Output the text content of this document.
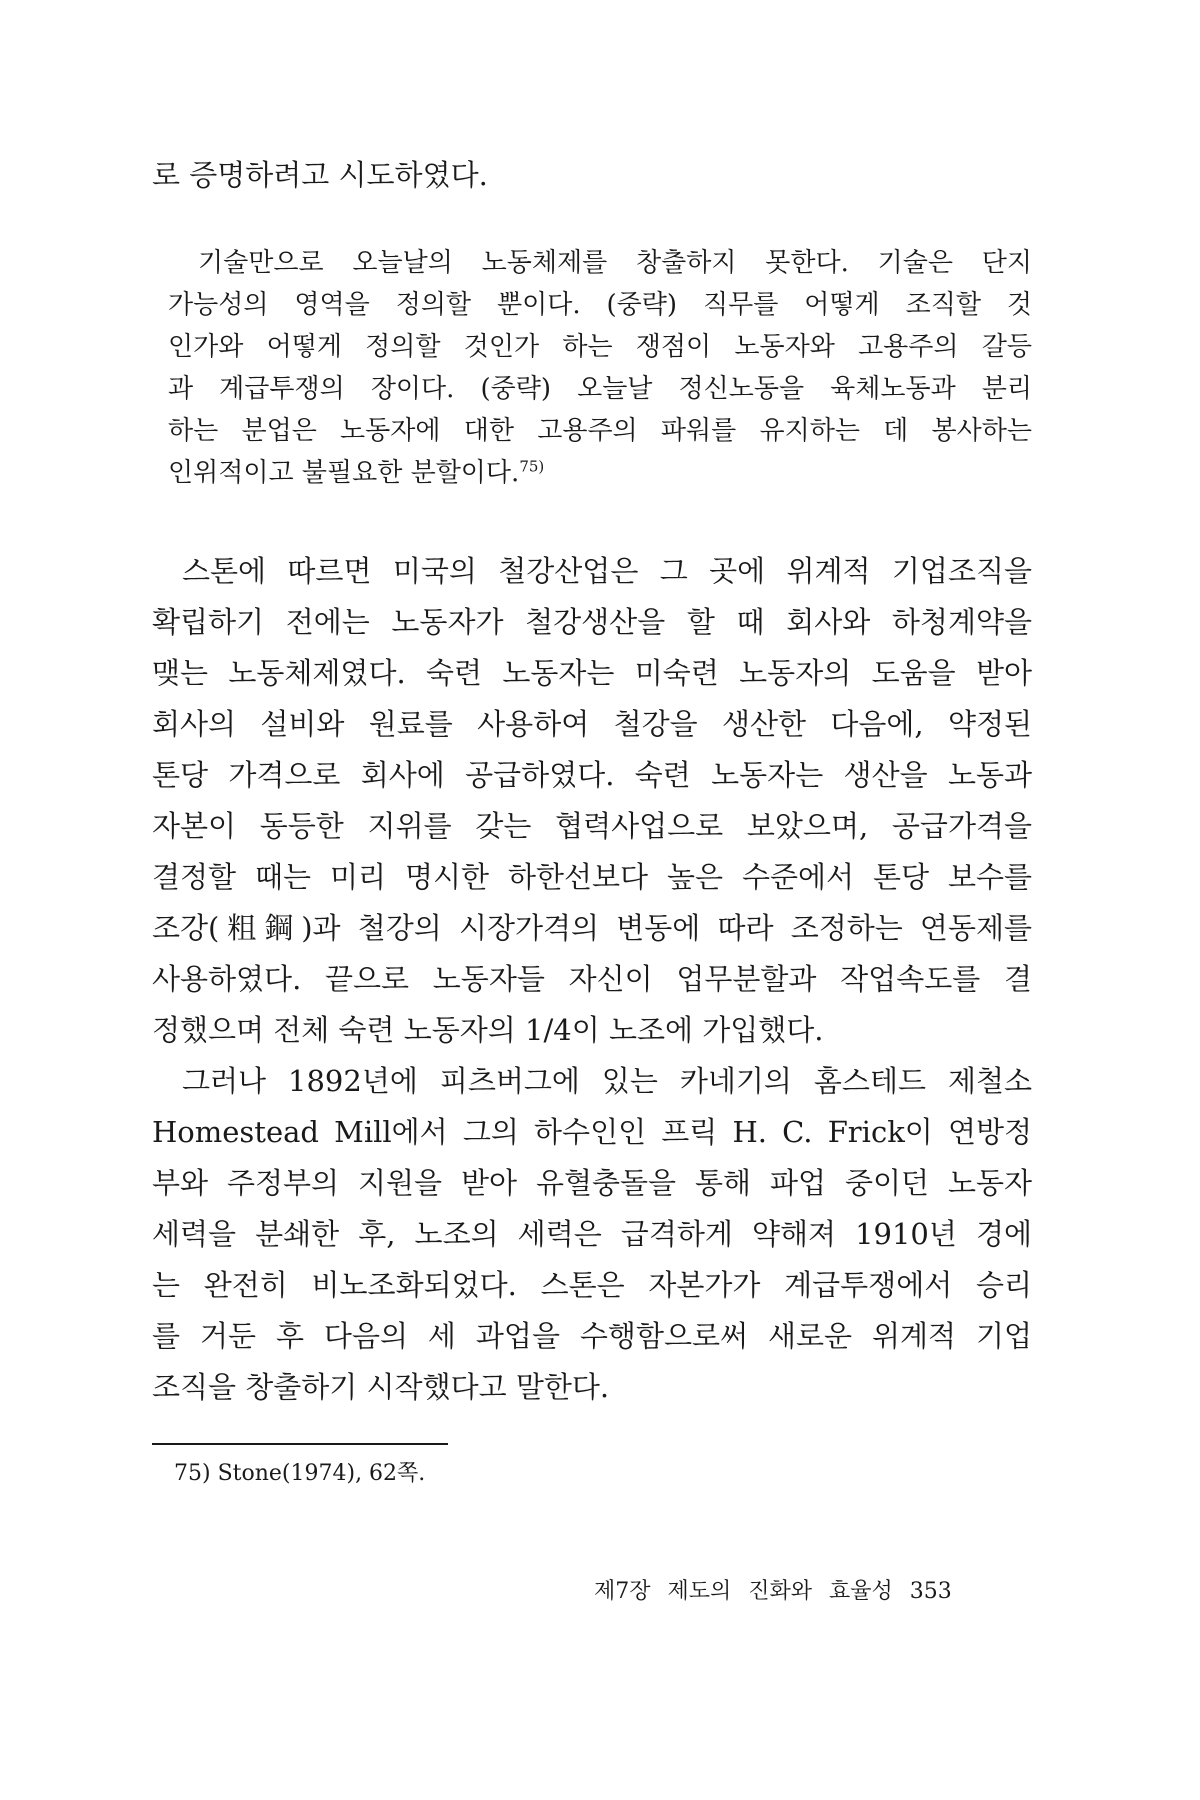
로 증명하려고 시도하였다.
기술만으로 오늘날의 노동체제를 창출하지 못한다. 기술은 단지
가능성의 영역을 정의할 뿐이다. (중략) 직무를 어떻게 조직할 것
인가와 어떻게 정의할 것인가 하는 쟁점이 노동자와 고용주의 갈등
과 계급투쟁의 장이다. (중략) 오늘날 정신노동을 육체노동과 분리
하는 분업은 노동자에 대한 고용주의 파워를 유지하는 데 봉사하는
인위적이고 불필요한 분할이다.$^{75)}$
스톤에 따르면 미국의 철강산업은 그 곳에 위계적 기업조직을
확립하기 전에는 노동자가 철강생산을 할 때 회사와 하청계약을
맺는 노동체제였다. 숙련 노동자는 미숙련 노동자의 도움을 받아
회사의 설비와 원료를 사용하여 철강을 생산한 다음에, 약정된
톤당 가격으로 회사에 공급하였다. 숙련 노동자는 생산을 노동과
자본이 동등한 지위를 갖는 협력사업으로 보았으며, 공급가격을
결정할 때는 미리 명시한 하한선보다 높은 수준에서 톤당 보수를
조강(粗鋼)과 철강의 시장가격의 변동에 따라 조정하는 연동제를
사용하였다. 끝으로 노동자들 자신이 업무분할과 작업속도를 결
정했으며 전체 숙련 노동자의 1/4이 노조에 가입했다.
그러나 1892년에 피츠버그에 있는 카네기의 홈스테드 제철소
Homestead Mill에서 그의 하수인인 프릭 H. C. Frick이 연방정
부와 주정부의 지원을 받아 유혈충돌을 통해 파업 중이던 노동자
세력을 분쇄한 후, 노조의 세력은 급격하게 약해져 1910년 경에
는 완전히 비노조화되었다. 스톤은 자본가가 계급투쟁에서 승리
를 거둔 후 다음의 세 과업을 수행함으로써 새로운 위계적 기업
조직을 창출하기 시작했다고 말한다.
75) Stone(1974), 62쪽.
제7장 제도의 진화와 효율성 353
